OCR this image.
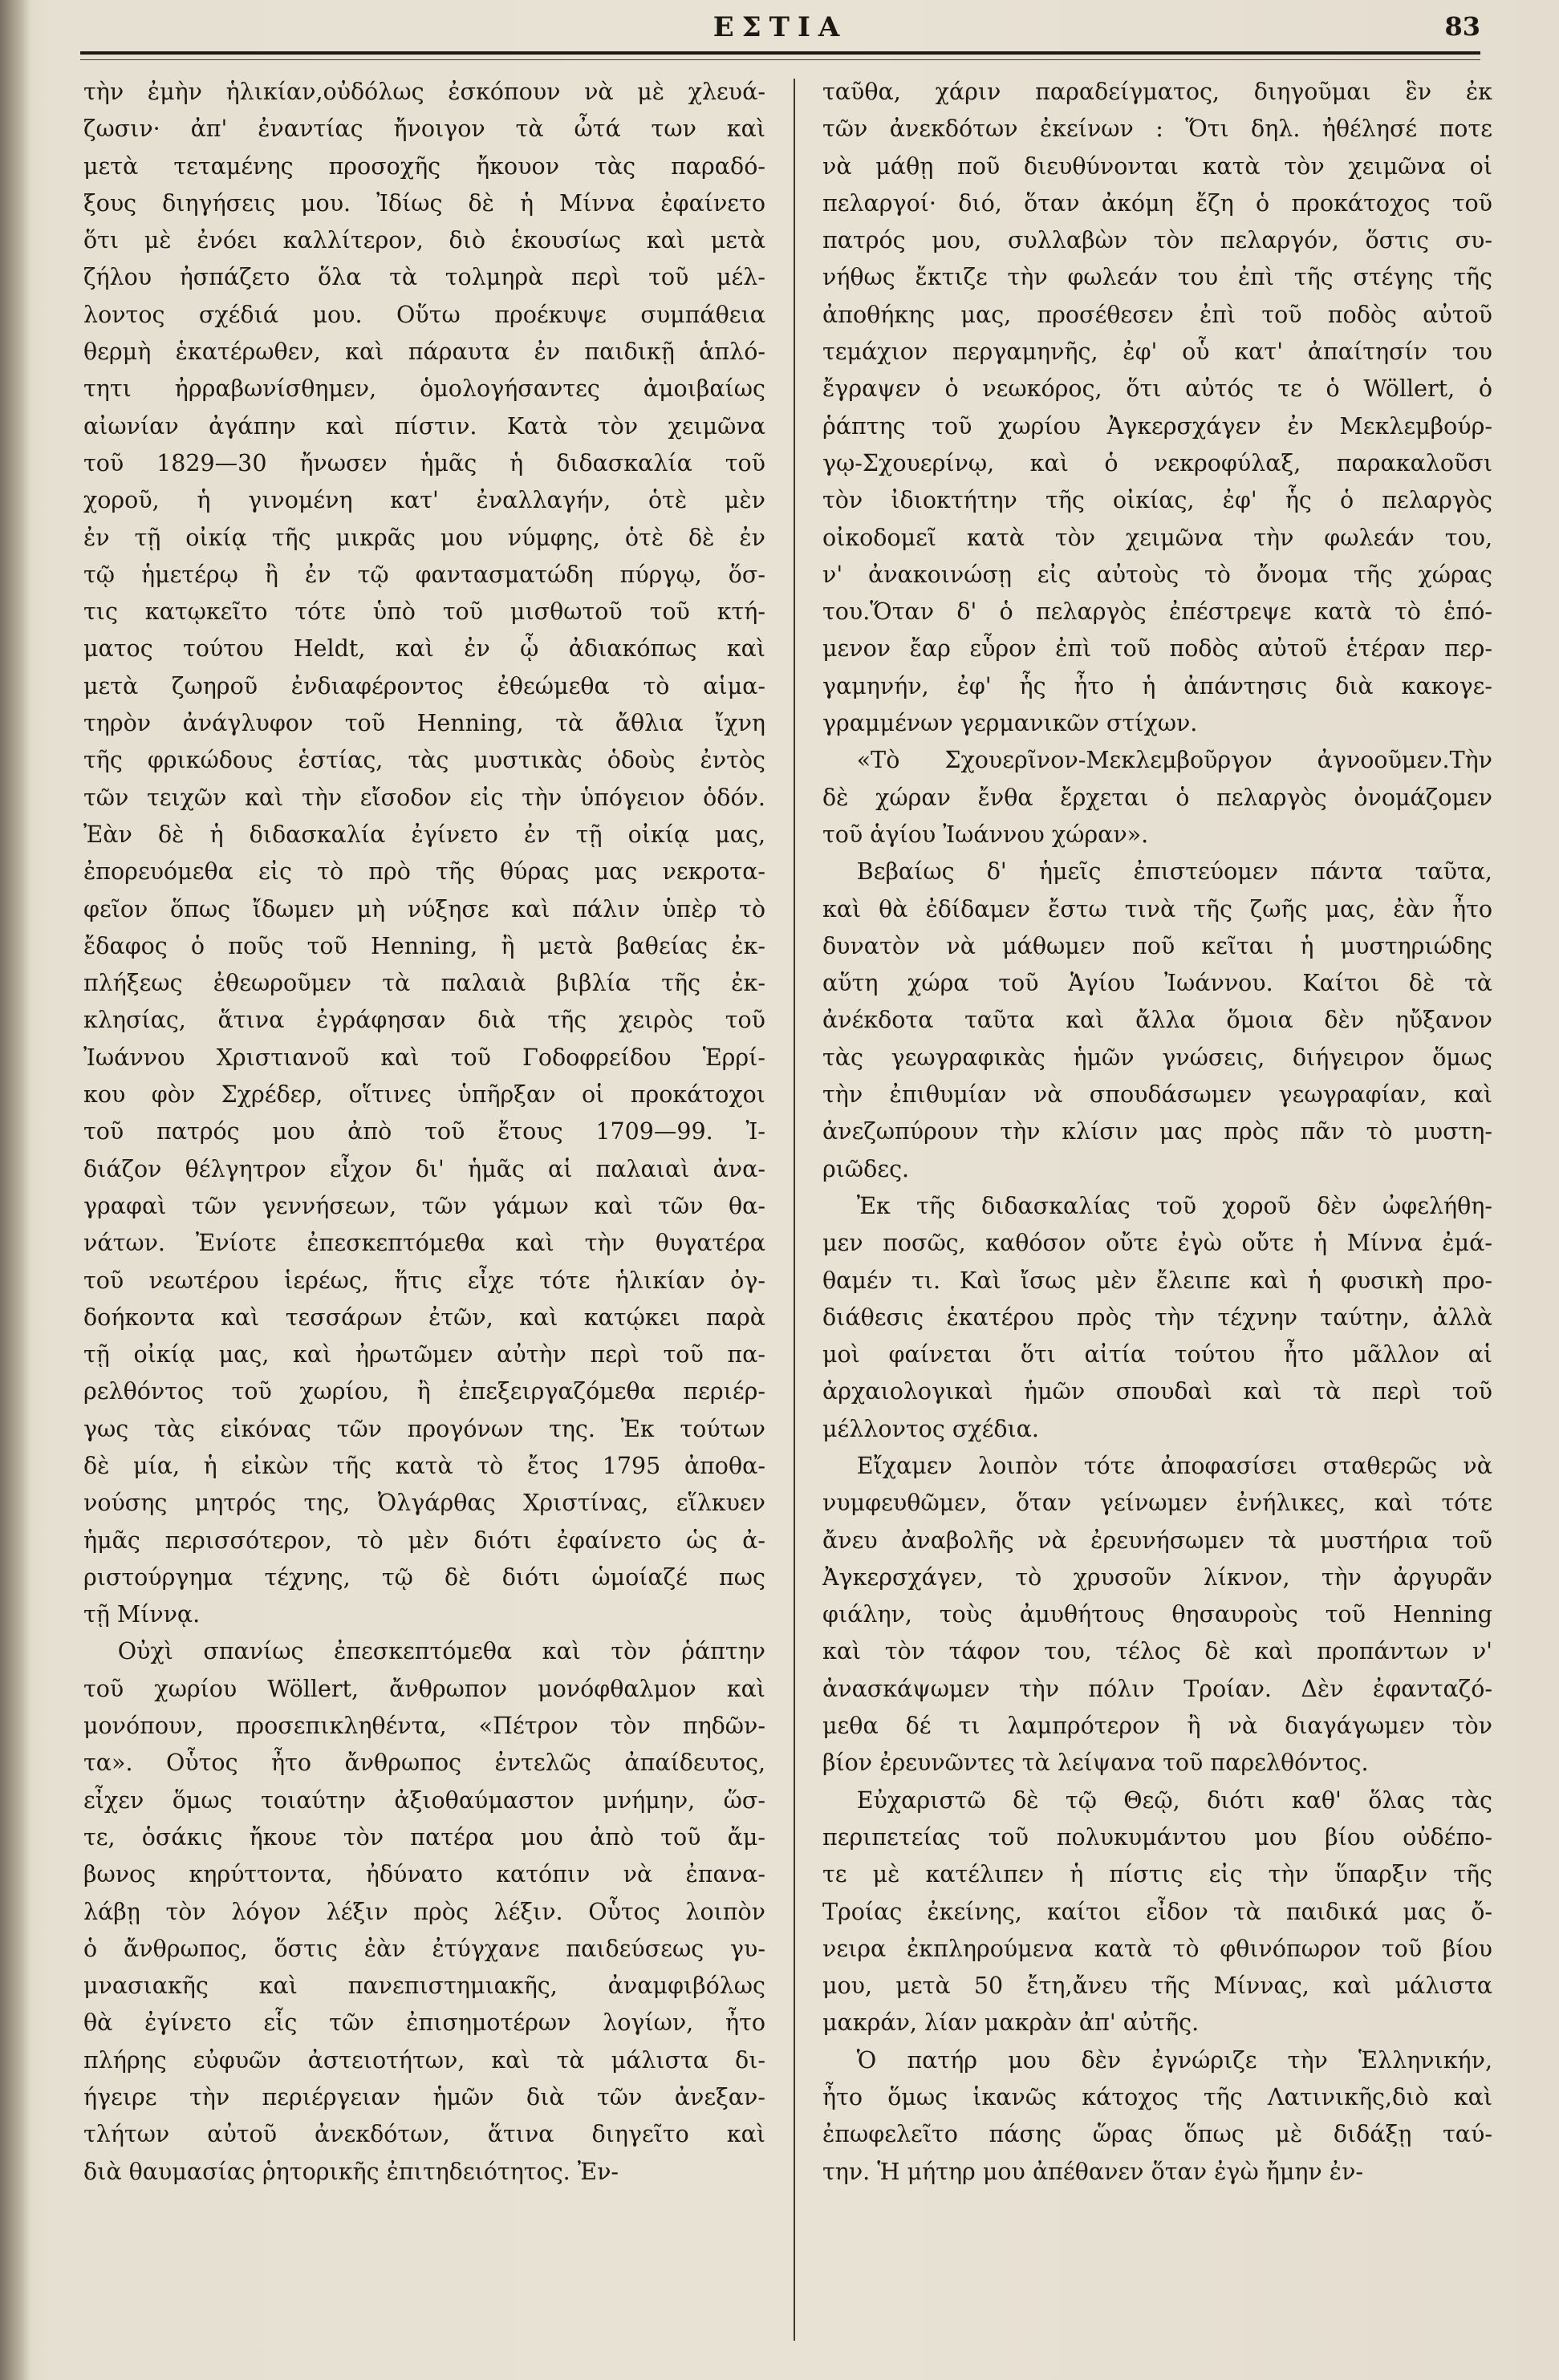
ΕΣΤΙΑ	83
τὴν ἐμὴν ἡλικίαν,οὐδόλως ἐσκόπουν νὰ μὲ χλευά-
ζωσιν· ἀπ' ἐναντίας ἤνοιγον τὰ ὦτά των καὶ
μετὰ τεταμένης προσοχῆς ἤκουον τὰς παραδό-
ξους διηγήσεις μου. Ἰδίως δὲ ἡ Μίννα ἐφαίνετο
ὅτι μὲ ἐνόει καλλίτερον, διὸ ἑκουσίως καὶ μετὰ
ζήλου ἠσπάζετο ὅλα τὰ τολμηρὰ περὶ τοῦ μέλ-
λοντος σχέδιά μου. Οὕτω προέκυψε συμπάθεια
θερμὴ ἑκατέρωθεν, καὶ πάραυτα ἐν παιδικῇ ἁπλό-
τητι ἠρραβωνίσθημεν, ὁμολογήσαντες ἀμοιβαίως
αἰωνίαν ἀγάπην καὶ πίστιν. Κατὰ τὸν χειμῶνα
τοῦ 1829—30 ἤνωσεν ἡμᾶς ἡ διδασκαλία τοῦ
χοροῦ, ἡ γινομένη κατ' ἐναλλαγήν, ὁτὲ μὲν
ἐν τῇ οἰκίᾳ τῆς μικρᾶς μου νύμφης, ὁτὲ δὲ ἐν
τῷ ἡμετέρῳ ἢ ἐν τῷ φαντασματώδη πύργῳ, ὅσ-
τις κατῳκεῖτο τότε ὑπὸ τοῦ μισθωτοῦ τοῦ κτή-
ματος τούτου Heldt, καὶ ἐν ᾧ ἀδιακόπως καὶ
μετὰ ζωηροῦ ἐνδιαφέροντος ἐθεώμεθα τὸ αἱμα-
τηρὸν ἀνάγλυφον τοῦ Henning, τὰ ἄθλια ἴχνη
τῆς φρικώδους ἑστίας, τὰς μυστικὰς ὁδοὺς ἐντὸς
τῶν τειχῶν καὶ τὴν εἴσοδον εἰς τὴν ὑπόγειον ὁδόν.
Ἐὰν δὲ ἡ διδασκαλία ἐγίνετο ἐν τῇ οἰκίᾳ μας,
ἐπορευόμεθα εἰς τὸ πρὸ τῆς θύρας μας νεκροτα-
φεῖον ὅπως ἴδωμεν μὴ νύξησε καὶ πάλιν ὑπὲρ τὸ
ἔδαφος ὁ ποῦς τοῦ Henning, ἢ μετὰ βαθείας ἐκ-
πλήξεως ἐθεωροῦμεν τὰ παλαιὰ βιβλία τῆς ἐκ-
κλησίας, ἅτινα ἐγράφησαν διὰ τῆς χειρὸς τοῦ
Ἰωάννου Χριστιανοῦ καὶ τοῦ Γοδοφρείδου Ἑρρί-
κου φὸν Σχρέδερ, οἵτινες ὑπῆρξαν οἱ προκάτοχοι
τοῦ πατρός μου ἀπὸ τοῦ ἔτους 1709—99. Ἰ-
διάζον θέλγητρον εἶχον δι' ἡμᾶς αἱ παλαιαὶ ἀνα-
γραφαὶ τῶν γεννήσεων, τῶν γάμων καὶ τῶν θα-
νάτων. Ἐνίοτε ἐπεσκεπτόμεθα καὶ τὴν θυγατέρα
τοῦ νεωτέρου ἱερέως, ἥτις εἶχε τότε ἡλικίαν ὀγ-
δοήκοντα καὶ τεσσάρων ἐτῶν, καὶ κατῴκει παρὰ
τῇ οἰκίᾳ μας, καὶ ἠρωτῶμεν αὐτὴν περὶ τοῦ πα-
ρελθόντος τοῦ χωρίου, ἢ ἐπεξειργαζόμεθα περιέρ-
γως τὰς εἰκόνας τῶν προγόνων της. Ἐκ τούτων
δὲ μία, ἡ εἰκὼν τῆς κατὰ τὸ ἔτος 1795 ἀποθα-
νούσης μητρός της, Ὀλγάρθας Χριστίνας, εἵλκυεν
ἡμᾶς περισσότερον, τὸ μὲν διότι ἐφαίνετο ὡς ἀ-
ριστούργημα τέχνης, τῷ δὲ διότι ὡμοίαζέ πως
τῇ Μίννᾳ.
Οὐχὶ σπανίως ἐπεσκεπτόμεθα καὶ τὸν ῥάπτην
τοῦ χωρίου Wöllert, ἄνθρωπον μονόφθαλμον καὶ
μονόπουν, προσεπικληθέντα, «Πέτρον τὸν πηδῶν-
τα». Οὗτος ἦτο ἄνθρωπος ἐντελῶς ἀπαίδευτος,
εἶχεν ὅμως τοιαύτην ἀξιοθαύμαστον μνήμην, ὥσ-
τε, ὁσάκις ἤκουε τὸν πατέρα μου ἀπὸ τοῦ ἄμ-
βωνος κηρύττοντα, ἠδύνατο κατόπιν νὰ ἐπανα-
λάβῃ τὸν λόγον λέξιν πρὸς λέξιν. Οὗτος λοιπὸν
ὁ ἄνθρωπος, ὅστις ἐὰν ἐτύγχανε παιδεύσεως γυ-
μνασιακῆς καὶ πανεπιστημιακῆς, ἀναμφιβόλως
θὰ ἐγίνετο εἷς τῶν ἐπισημοτέρων λογίων, ἦτο
πλήρης εὐφυῶν ἀστειοτήτων, καὶ τὰ μάλιστα δι-
ήγειρε τὴν περιέργειαν ἡμῶν διὰ τῶν ἀνεξαν-
τλήτων αὐτοῦ ἀνεκδότων, ἅτινα διηγεῖτο καὶ
διὰ θαυμασίας ῥητορικῆς ἐπιτηδειότητος. Ἐν-
ταῦθα, χάριν παραδείγματος, διηγοῦμαι ἓν ἐκ
τῶν ἀνεκδότων ἐκείνων : Ὅτι δηλ. ἠθέλησέ ποτε
νὰ μάθῃ ποῦ διευθύνονται κατὰ τὸν χειμῶνα οἱ
πελαργοί· διό, ὅταν ἀκόμη ἔζη ὁ προκάτοχος τοῦ
πατρός μου, συλλαβὼν τὸν πελαργόν, ὅστις συ-
νήθως ἔκτιζε τὴν φωλεάν του ἐπὶ τῆς στέγης τῆς
ἀποθήκης μας, προσέθεσεν ἐπὶ τοῦ ποδὸς αὐτοῦ
τεμάχιον περγαμηνῆς, ἐφ' οὗ κατ' ἀπαίτησίν του
ἔγραψεν ὁ νεωκόρος, ὅτι αὐτός τε ὁ Wöllert, ὁ
ῥάπτης τοῦ χωρίου Ἀγκερσχάγεν ἐν Μεκλεμβούρ-
γῳ-Σχουερίνῳ, καὶ ὁ νεκροφύλαξ, παρακαλοῦσι
τὸν ἰδιοκτήτην τῆς οἰκίας, ἐφ' ἧς ὁ πελαργὸς
οἰκοδομεῖ κατὰ τὸν χειμῶνα τὴν φωλεάν του,
ν' ἀνακοινώσῃ εἰς αὐτοὺς τὸ ὄνομα τῆς χώρας
του.Ὅταν δ' ὁ πελαργὸς ἐπέστρεψε κατὰ τὸ ἑπό-
μενον ἔαρ εὗρον ἐπὶ τοῦ ποδὸς αὐτοῦ ἑτέραν περ-
γαμηνήν, ἐφ' ἧς ἦτο ἡ ἀπάντησις διὰ κακογε-
γραμμένων γερμανικῶν στίχων.
«Τὸ Σχουερῖνον-Μεκλεμβοῦργον ἀγνοοῦμεν.Τὴν
δὲ χώραν ἔνθα ἔρχεται ὁ πελαργὸς ὀνομάζομεν
τοῦ ἁγίου Ἰωάννου χώραν».
Βεβαίως δ' ἡμεῖς ἐπιστεύομεν πάντα ταῦτα,
καὶ θὰ ἐδίδαμεν ἔστω τινὰ τῆς ζωῆς μας, ἐὰν ἦτο
δυνατὸν νὰ μάθωμεν ποῦ κεῖται ἡ μυστηριώδης
αὕτη χώρα τοῦ Ἁγίου Ἰωάννου. Καίτοι δὲ τὰ
ἀνέκδοτα ταῦτα καὶ ἄλλα ὅμοια δὲν ηὔξανον
τὰς γεωγραφικὰς ἡμῶν γνώσεις, διήγειρον ὅμως
τὴν ἐπιθυμίαν νὰ σπουδάσωμεν γεωγραφίαν, καὶ
ἀνεζωπύρουν τὴν κλίσιν μας πρὸς πᾶν τὸ μυστη-
ριῶδες.
Ἐκ τῆς διδασκαλίας τοῦ χοροῦ δὲν ὠφελήθη-
μεν ποσῶς, καθόσον οὔτε ἐγὼ οὔτε ἡ Μίννα ἐμά-
θαμέν τι. Καὶ ἴσως μὲν ἔλειπε καὶ ἡ φυσικὴ προ-
διάθεσις ἑκατέρου πρὸς τὴν τέχνην ταύτην, ἀλλὰ
μοὶ φαίνεται ὅτι αἰτία τούτου ἦτο μᾶλλον αἱ
ἀρχαιολογικαὶ ἡμῶν σπουδαὶ καὶ τὰ περὶ τοῦ
μέλλοντος σχέδια.
Εἴχαμεν λοιπὸν τότε ἀποφασίσει σταθερῶς νὰ
νυμφευθῶμεν, ὅταν γείνωμεν ἐνήλικες, καὶ τότε
ἄνευ ἀναβολῆς νὰ ἐρευνήσωμεν τὰ μυστήρια τοῦ
Ἀγκερσχάγεν, τὸ χρυσοῦν λίκνον, τὴν ἀργυρᾶν
φιάλην, τοὺς ἀμυθήτους θησαυροὺς τοῦ Henning
καὶ τὸν τάφον του, τέλος δὲ καὶ προπάντων ν'
ἀνασκάψωμεν τὴν πόλιν Τροίαν. Δὲν ἐφανταζό-
μεθα δέ τι λαμπρότερον ἢ νὰ διαγάγωμεν τὸν
βίον ἐρευνῶντες τὰ λείψανα τοῦ παρελθόντος.
Εὐχαριστῶ δὲ τῷ Θεῷ, διότι καθ' ὅλας τὰς
περιπετείας τοῦ πολυκυμάντου μου βίου οὐδέπο-
τε μὲ κατέλιπεν ἡ πίστις εἰς τὴν ὕπαρξιν τῆς
Τροίας ἐκείνης, καίτοι εἶδον τὰ παιδικά μας ὄ-
νειρα ἐκπληρούμενα κατὰ τὸ φθινόπωρον τοῦ βίου
μου, μετὰ 50 ἔτη,ἄνευ τῆς Μίννας, καὶ μάλιστα
μακράν, λίαν μακρὰν ἀπ' αὐτῆς.
Ὁ πατήρ μου δὲν ἐγνώριζε τὴν Ἑλληνικήν,
ἦτο ὅμως ἱκανῶς κάτοχος τῆς Λατινικῆς,διὸ καὶ
ἐπωφελεῖτο πάσης ὥρας ὅπως μὲ διδάξῃ ταύ-
την. Ἡ μήτηρ μου ἀπέθανεν ὅταν ἐγὼ ἤμην ἐν-
